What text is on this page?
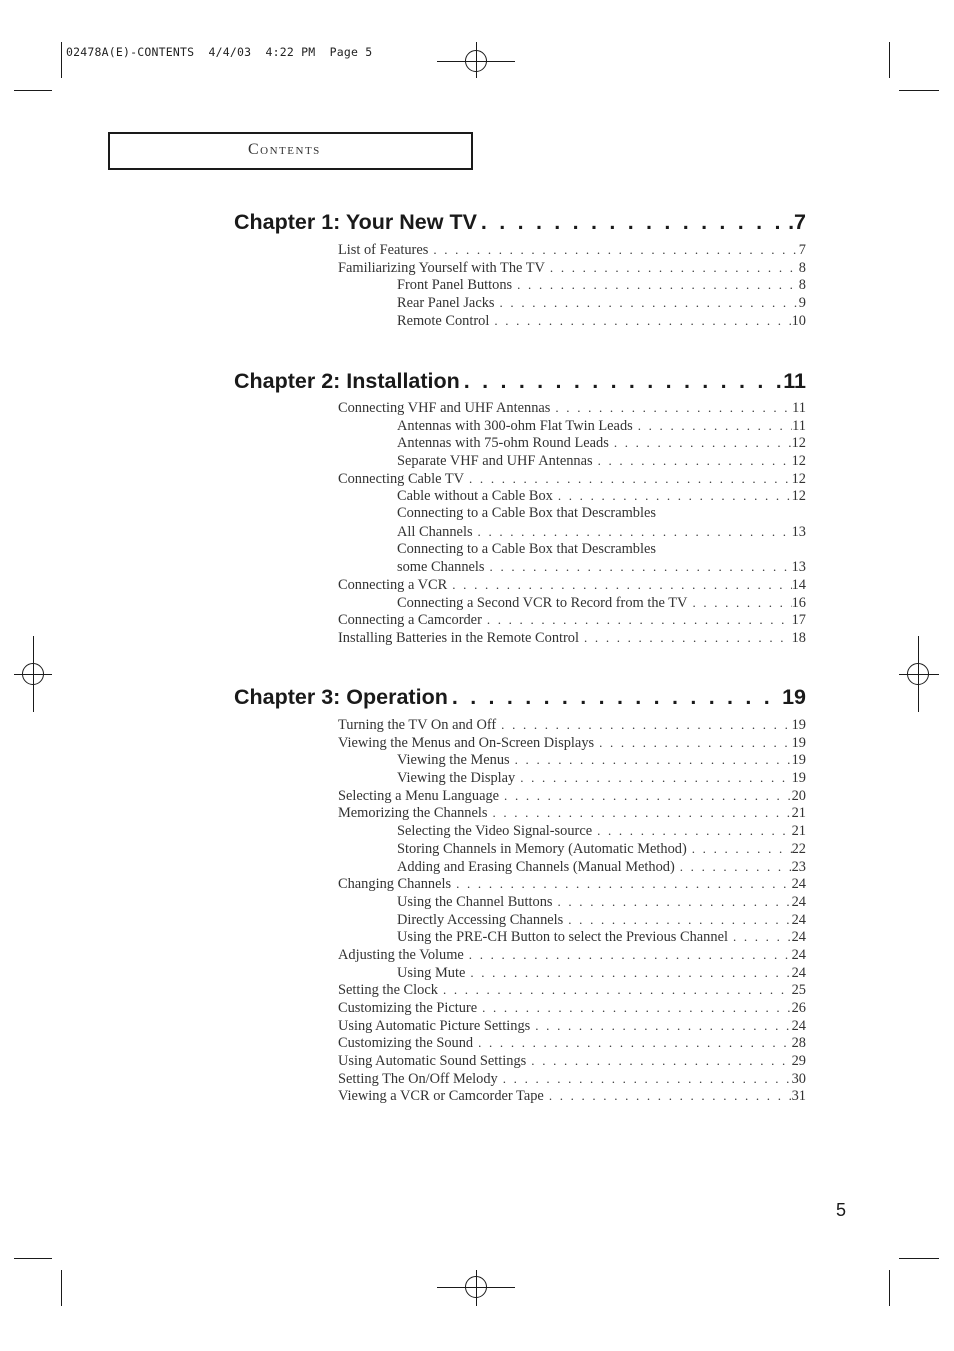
02478A(E)-CONTENTS  4/4/03  4:22 PM  Page 5
Contents
Chapter 1: Your New TV . . .	.7
List of Features . . .	7
Familiarizing Yourself with The TV . . .	8
Front Panel Buttons . . .	8
Rear Panel Jacks . . .	9
Remote Control . . .	10
Chapter 2: Installation . . .	11
Connecting VHF and UHF Antennas . . .	11
Antennas with 300-ohm Flat Twin Leads . . .	11
Antennas with 75-ohm Round Leads . . .	12
Separate VHF and UHF Antennas . . .	12
Connecting Cable TV . . .	12
Cable without a Cable Box . . .	12
Connecting to a Cable Box that Descrambles
All Channels . . .	13
Connecting to a Cable Box that Descrambles
some Channels . . .	13
Connecting a VCR . . .	14
Connecting a Second VCR to Record from the TV . . .	16
Connecting a Camcorder . . .	17
Installing Batteries in the Remote Control . . .	18
Chapter 3: Operation . . .	19
Turning the TV On and Off . . .	19
Viewing the Menus and On-Screen Displays . . .	19
Viewing the Menus . . .	19
Viewing the Display . . .	19
Selecting a Menu Language . . .	20
Memorizing the Channels . . .	21
Selecting the Video Signal-source . . .	21
Storing Channels in Memory (Automatic Method) . . .	22
Adding and Erasing Channels (Manual Method) . . .	23
Changing Channels . . .	24
Using the Channel Buttons . . .	24
Directly Accessing Channels . . .	24
Using the PRE-CH Button to select the Previous Channel . . .	24
Adjusting the Volume . . .	24
Using Mute . . .	24
Setting the Clock . . .	25
Customizing the Picture . . .	26
Using Automatic Picture Settings . . .	24
Customizing the Sound . . .	28
Using Automatic Sound Settings . . .	29
Setting The On/Off Melody . . .	30
Viewing a VCR or Camcorder Tape . . .	31
5
